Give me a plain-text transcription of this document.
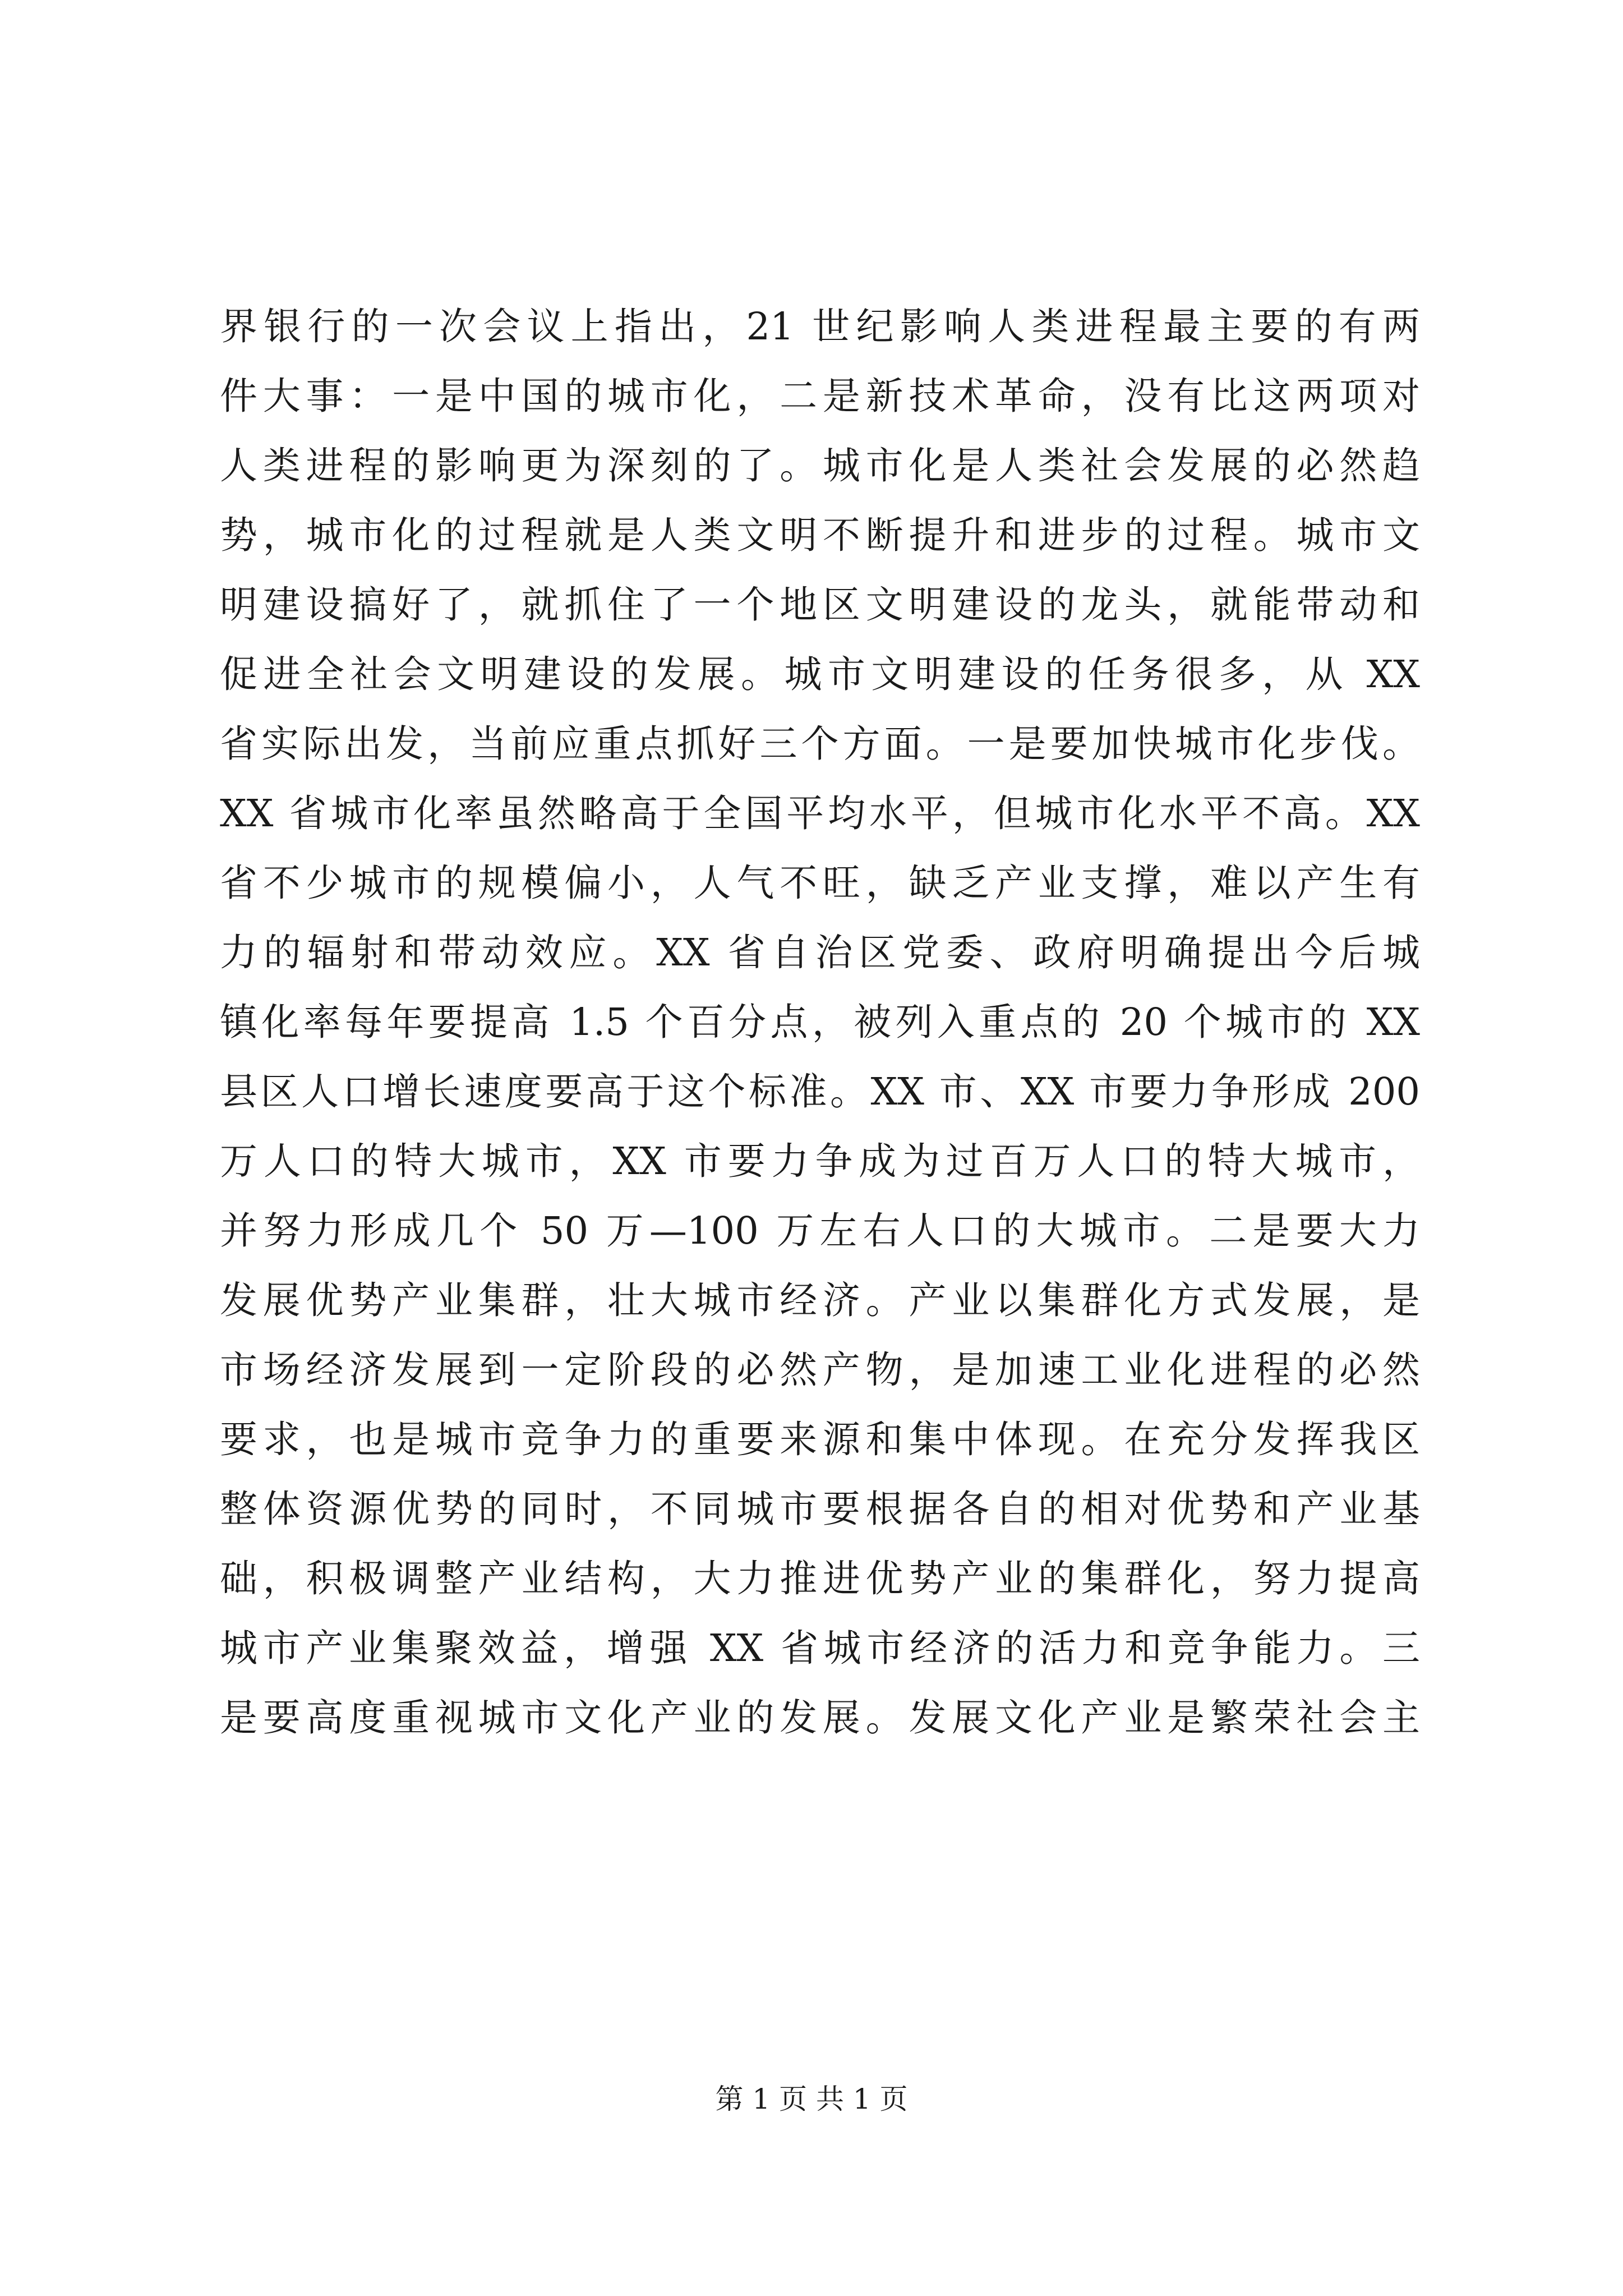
界银行的一次会议上指出，21 世纪影响人类进程最主要的有两
件大事：一是中国的城市化，二是新技术革命，没有比这两项对
人类进程的影响更为深刻的了。城市化是人类社会发展的必然趋
势，城市化的过程就是人类文明不断提升和进步的过程。城市文
明建设搞好了，就抓住了一个地区文明建设的龙头，就能带动和
促进全社会文明建设的发展。城市文明建设的任务很多，从 XX
省实际出发，当前应重点抓好三个方面。一是要加快城市化步伐。
XX 省城市化率虽然略高于全国平均水平，但城市化水平不高。XX
省不少城市的规模偏小，人气不旺，缺乏产业支撑，难以产生有
力的辐射和带动效应。XX 省自治区党委、政府明确提出今后城
镇化率每年要提高 1.5 个百分点，被列入重点的 20 个城市的 XX
县区人口增长速度要高于这个标准。XX 市、XX 市要力争形成 200
万人口的特大城市，XX 市要力争成为过百万人口的特大城市，
并努力形成几个 50 万—100 万左右人口的大城市。二是要大力
发展优势产业集群，壮大城市经济。产业以集群化方式发展，是
市场经济发展到一定阶段的必然产物，是加速工业化进程的必然
要求，也是城市竞争力的重要来源和集中体现。在充分发挥我区
整体资源优势的同时，不同城市要根据各自的相对优势和产业基
础，积极调整产业结构，大力推进优势产业的集群化，努力提高
城市产业集聚效益，增强 XX 省城市经济的活力和竞争能力。三
是要高度重视城市文化产业的发展。发展文化产业是繁荣社会主
第 1 页 共 1 页
